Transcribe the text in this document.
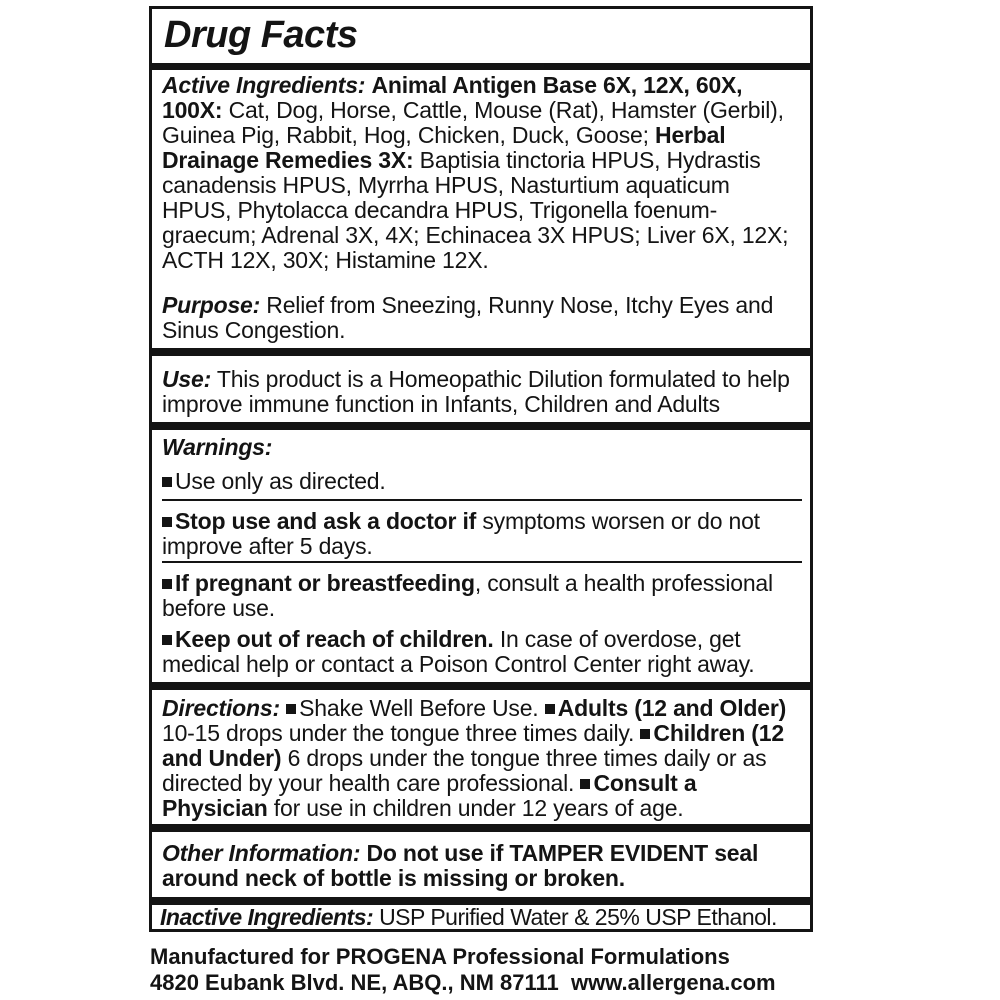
Drug Facts
Active Ingredients: Animal Antigen Base 6X, 12X, 60X, 100X: Cat, Dog, Horse, Cattle, Mouse (Rat), Hamster (Gerbil), Guinea Pig, Rabbit, Hog, Chicken, Duck, Goose; Herbal Drainage Remedies 3X: Baptisia tinctoria HPUS, Hydrastis canadensis HPUS, Myrrha HPUS, Nasturtium aquaticum HPUS, Phytolacca decandra HPUS, Trigonella foenum-graecum; Adrenal 3X, 4X; Echinacea 3X HPUS; Liver 6X, 12X; ACTH 12X, 30X; Histamine 12X.
Purpose: Relief from Sneezing, Runny Nose, Itchy Eyes and Sinus Congestion.
Use: This product is a Homeopathic Dilution formulated to help improve immune function in Infants, Children and Adults
Warnings:
Use only as directed.
Stop use and ask a doctor if symptoms worsen or do not improve after 5 days.
If pregnant or breastfeeding, consult a health professional before use.
Keep out of reach of children. In case of overdose, get medical help or contact a Poison Control Center right away.
Directions: Shake Well Before Use. Adults (12 and Older) 10-15 drops under the tongue three times daily. Children (12 and Under) 6 drops under the tongue three times daily or as directed by your health care professional. Consult a Physician for use in children under 12 years of age.
Other Information: Do not use if TAMPER EVIDENT seal around neck of bottle is missing or broken.
Inactive Ingredients: USP Purified Water & 25% USP Ethanol.
Manufactured for PROGENA Professional Formulations
4820 Eubank Blvd. NE, ABQ., NM 87111  www.allergena.com
